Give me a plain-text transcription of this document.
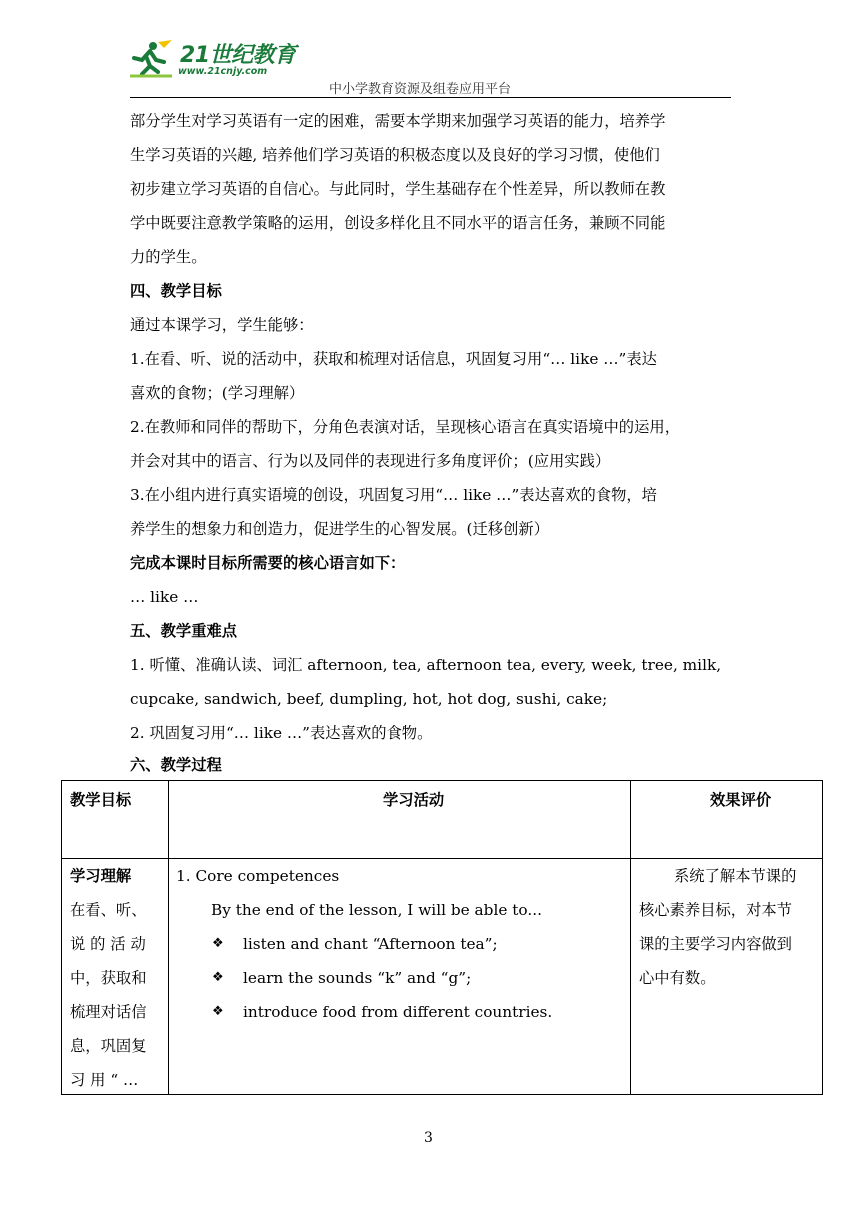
21世纪教育
www.21cnjy.com
中小学教育资源及组卷应用平台
部分学生对学习英语有一定的困难，需要本学期来加强学习英语的能力，培养学
生学习英语的兴趣, 培养他们学习英语的积极态度以及良好的学习习惯，使他们
初步建立学习英语的自信心。与此同时，学生基础存在个性差异，所以教师在教
学中既要注意教学策略的运用，创设多样化且不同水平的语言任务，兼顾不同能
力的学生。
四、教学目标
通过本课学习，学生能够：
1.在看、听、说的活动中，获取和梳理对话信息，巩固复习用“… like …”表达
喜欢的食物；(学习理解）
2.在教师和同伴的帮助下，分角色表演对话，呈现核心语言在真实语境中的运用，
并会对其中的语言、行为以及同伴的表现进行多角度评价；(应用实践）
3.在小组内进行真实语境的创设，巩固复习用“… like …”表达喜欢的食物，培
养学生的想象力和创造力，促进学生的心智发展。(迁移创新）
完成本课时目标所需要的核心语言如下：
… like …
五、教学重难点
1. 听懂、准确认读、词汇 afternoon, tea, afternoon tea, every, week, tree, milk,
cupcake, sandwich, beef, dumpling, hot, hot dog, sushi, cake;
2. 巩固复习用“… like …”表达喜欢的食物。
六、教学过程
教学目标	学习活动	效果评价
学习理解
在看、听、
说 的 活 动
中，获取和
梳理对话信
息，巩固复
习 用 “ …
1. Core competences
By the end of the lesson, I will be able to...
❖ listen and chant “Afternoon tea”;
❖ learn the sounds “k” and “g”;
❖ introduce food from different countries.
系统了解本节课的
核心素养目标，对本节
课的主要学习内容做到
心中有数。
3
